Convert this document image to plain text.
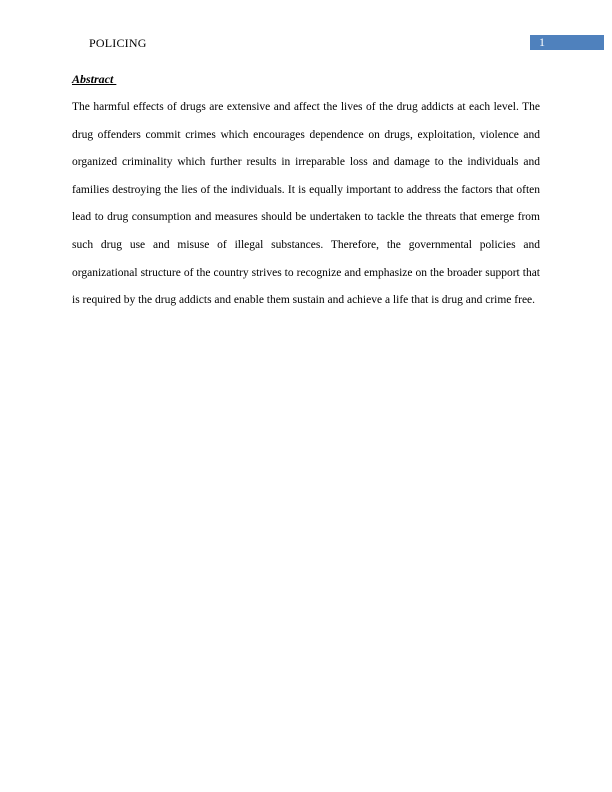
POLICING	1
Abstract

The harmful effects of drugs are extensive and affect the lives of the drug addicts at each level. The drug offenders commit crimes which encourages dependence on drugs, exploitation, violence and organized criminality which further results in irreparable loss and damage to the individuals and families destroying the lies of the individuals. It is equally important to address the factors that often lead to drug consumption and measures should be undertaken to tackle the threats that emerge from such drug use and misuse of illegal substances. Therefore, the governmental policies and organizational structure of the country strives to recognize and emphasize on the broader support that is required by the drug addicts and enable them sustain and achieve a life that is drug and crime free.
